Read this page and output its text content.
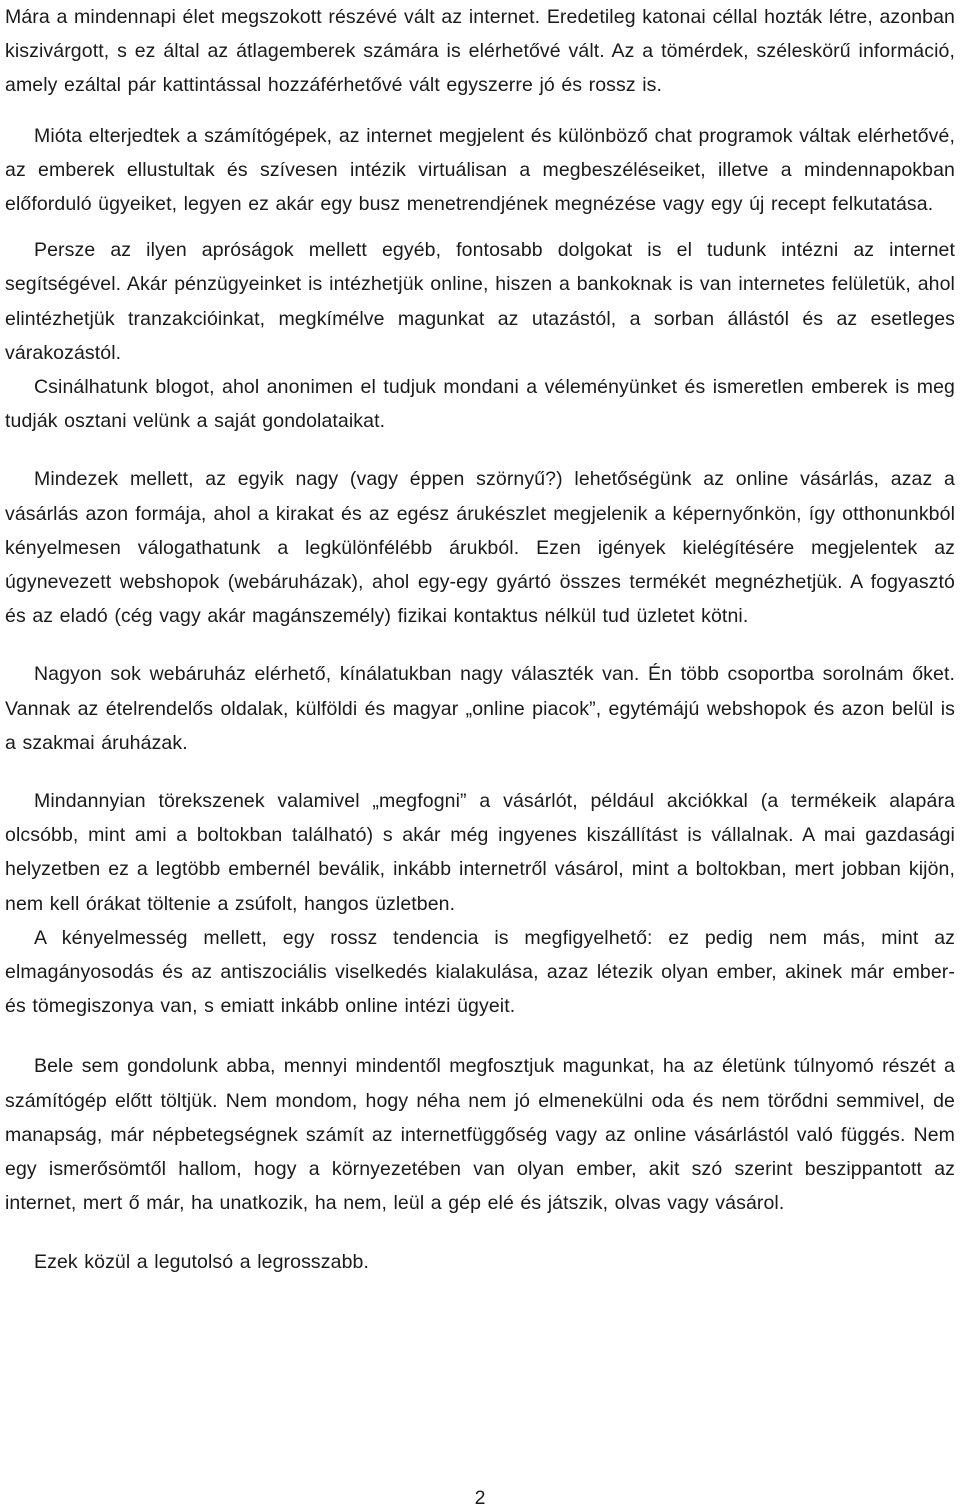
Mára a mindennapi élet megszokott részévé vált az internet. Eredetileg katonai céllal hozták létre, azonban kiszivárgott, s ez által az átlagemberek számára is elérhetővé vált. Az a tömérdek, széleskörű információ, amely ezáltal pár kattintással hozzáférhetővé vált egyszerre jó és rossz is.

Mióta elterjedtek a számítógépek, az internet megjelent és különböző chat programok váltak elérhetővé, az emberek ellustultak és szívesen intézik virtuálisan a megbeszéléseiket, illetve a mindennapokban előforduló ügyeiket, legyen ez akár egy busz menetrendjének megnézése vagy egy új recept felkutatása.

Persze az ilyen apróságok mellett egyéb, fontosabb dolgokat is el tudunk intézni az internet segítségével. Akár pénzügyeinket is intézhetjük online, hiszen a bankoknak is van internetes felületük, ahol elintézhetjük tranzakcióinkat, megkímélve magunkat az utazástól, a sorban állástól és az esetleges várakozástól.

Csinálhatunk blogot, ahol anonimen el tudjuk mondani a véleményünket és ismeretlen emberek is meg tudják osztani velünk a saját gondolataikat.

Mindezek mellett, az egyik nagy (vagy éppen szörnyű?) lehetőségünk az online vásárlás, azaz a vásárlás azon formája, ahol a kirakat és az egész árukészlet megjelenik a képernyőnkön, így otthonunkból kényelmesen válogathatunk a legkülönfélébb árukból. Ezen igények kielégítésére megjelentek az úgynevezett webshopok (webáruházak), ahol egy-egy gyártó összes termékét megnézhetjük. A fogyasztó és az eladó (cég vagy akár magánszemély) fizikai kontaktus nélkül tud üzletet kötni.

Nagyon sok webáruház elérhető, kínálatukban nagy választék van. Én több csoportba sorolnám őket. Vannak az ételrendelős oldalak, külföldi és magyar „online piacok”, egytémájú webshopok és azon belül is a szakmai áruházak.

Mindannyian törekszenek valamivel „megfogni” a vásárlót, például akciókkal (a termékeik alapára olcsóbb, mint ami a boltokban található) s akár még ingyenes kiszállítást is vállalnak. A mai gazdasági helyzetben ez a legtöbb embernél beválik, inkább internetről vásárol, mint a boltokban, mert jobban kijön, nem kell órákat töltenie a zsúfolt, hangos üzletben.

A kényelmesség mellett, egy rossz tendencia is megfigyelhető: ez pedig nem más, mint az elmagányosodás és az antiszociális viselkedés kialakulása, azaz létezik olyan ember, akinek már ember- és tömegiszonya van, s emiatt inkább online intézi ügyeit.

Bele sem gondolunk abba, mennyi mindentől megfosztjuk magunkat, ha az életünk túlnyomó részét a számítógép előtt töltjük. Nem mondom, hogy néha nem jó elmenekülni oda és nem törődni semmivel, de manapság, már népbetegségnek számít az internetfüggőség vagy az online vásárlástól való függés. Nem egy ismerősömtől hallom, hogy a környezetében van olyan ember, akit szó szerint beszippantott az internet, mert ő már, ha unatkozik, ha nem, leül a gép elé és játszik, olvas vagy vásárol.

Ezek közül a legutolsó a legrosszabb.

2
